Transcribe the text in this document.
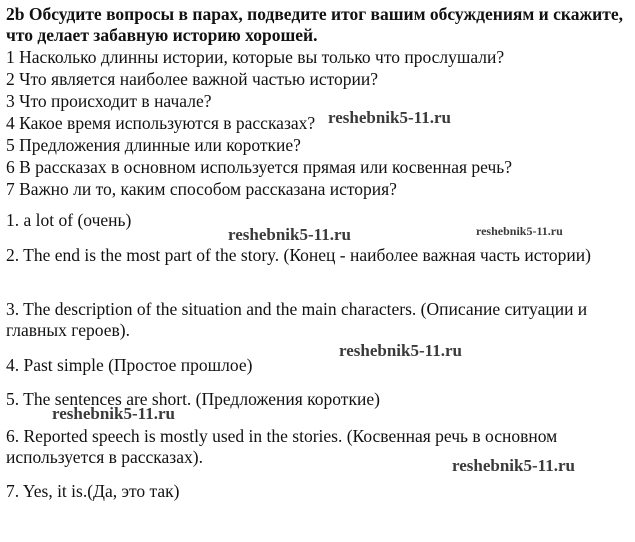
2b Обсудите вопросы в парах, подведите итог вашим обсуждениям и скажите, что делает забавную историю хорошей.
1 Насколько длинны истории, которые вы только что прослушали?
2 Что является наиболее важной частью истории?
3 Что происходит в начале?
4 Какое время используются в рассказах?
5 Предложения длинные или короткие?
6 В рассказах в основном используется прямая или косвенная речь?
7 Важно ли то, каким способом рассказана история?
1. a lot of (очень)
2. The end is the most part of the story. (Конец - наиболее важная часть истории)
3. The description of the situation and the main characters. (Описание ситуации и главных героев).
4. Past simple (Простое прошлое)
5. The sentences are short. (Предложения короткие)
6. Reported speech is mostly used in the stories. (Косвенная речь в основном используется в рассказах).
7. Yes, it is.(Да, это так)
reshebnik5-11.ru
reshebnik5-11.ru	reshebnik5-11.ru
reshebnik5-11.ru
reshebnik5-11.ru
reshebnik5-11.ru
